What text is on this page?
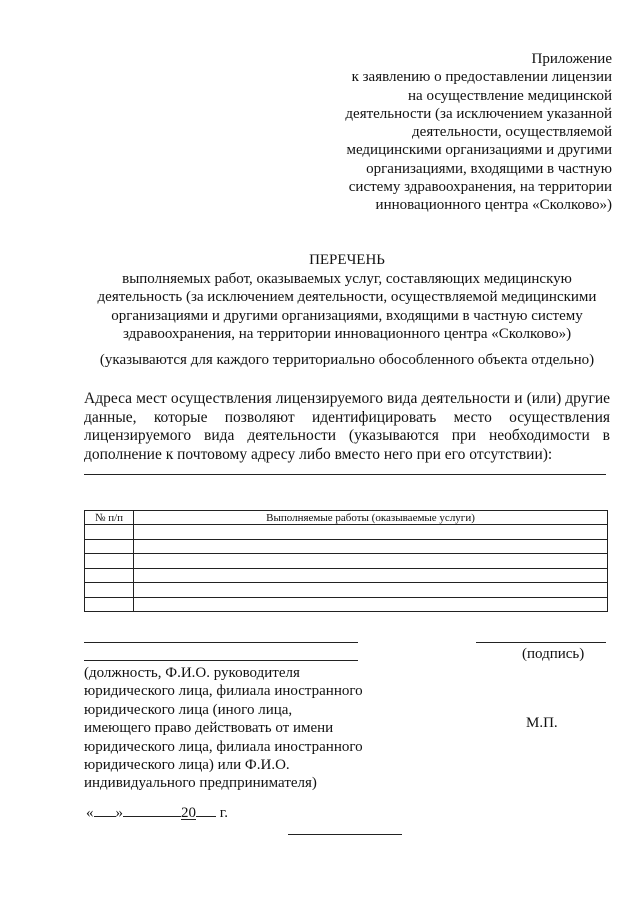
Приложение
к заявлению о предоставлении лицензии
на осуществление медицинской
деятельности (за исключением указанной
деятельности, осуществляемой
медицинскими организациями и другими
организациями, входящими в частную
систему здравоохранения, на территории
инновационного центра «Сколково»)
ПЕРЕЧЕНЬ
выполняемых работ, оказываемых услуг, составляющих медицинскую
деятельность (за исключением деятельности, осуществляемой медицинскими
организациями и другими организациями, входящими в частную систему
здравоохранения, на территории инновационного центра «Сколково»)
(указываются для каждого территориально обособленного объекта отдельно)
Адреса мест осуществления лицензируемого вида деятельности и (или) другие
данные, которые позволяют идентифицировать место осуществления
лицензируемого вида деятельности (указываются при необходимости в
дополнение к почтовому адресу либо вместо него при его отсутствии):
№ п/п	Выполняемые работы (оказываемые услуги)

(подпись)
(должность, Ф.И.О. руководителя
юридического лица, филиала иностранного
юридического лица (иного лица,
имеющего право действовать от имени
юридического лица, филиала иностранного
юридического лица) или Ф.И.О.
индивидуального предпринимателя)
М.П.
« »	20 г.
